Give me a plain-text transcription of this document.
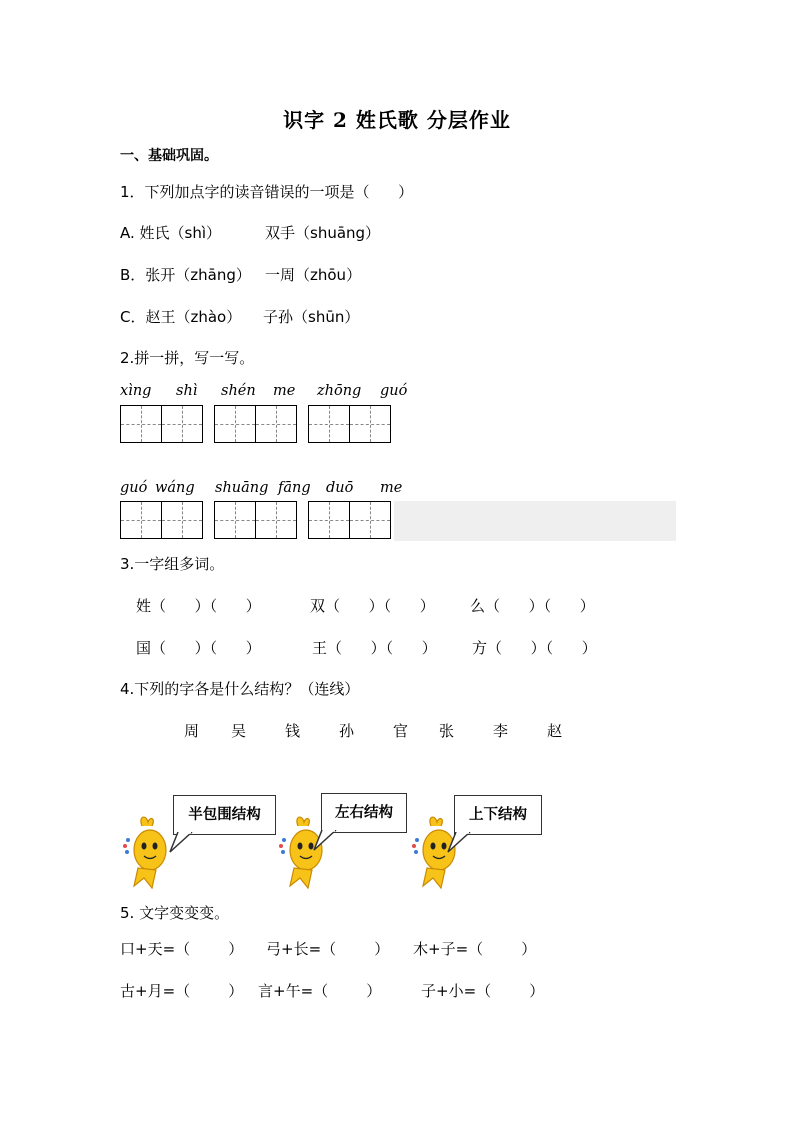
识字 2 姓氏歌 分层作业
一、基础巩固。
1．下列加点字的读音错误的一项是（      ）
A. 姓氏（shì）	双手（shuāng）
B．张开（zhāng） 一周（zhōu）
C．赵王（zhào） 子孙（shūn）
2.拼一拼，写一写。
xìng shì shén me zhōng guó
guó wáng shuāng fāng duō me
3.一字组多词。
姓（      ）（      ）	双（      ）（      ） 么（      ）（      ）
国（      ）（      ）	王（      ）（      ） 方（      ）（      ）
4.下列的字各是什么结构？（连线）
周 吴	钱	孙	官 张	李	赵
半包围结构	左右结构	上下结构
5. 文字变变变。
口+天=（        ） 弓+长=（        ） 木+子=（        ）
古+月=（        ） 言+午=（        ）	子+小=（        ）
